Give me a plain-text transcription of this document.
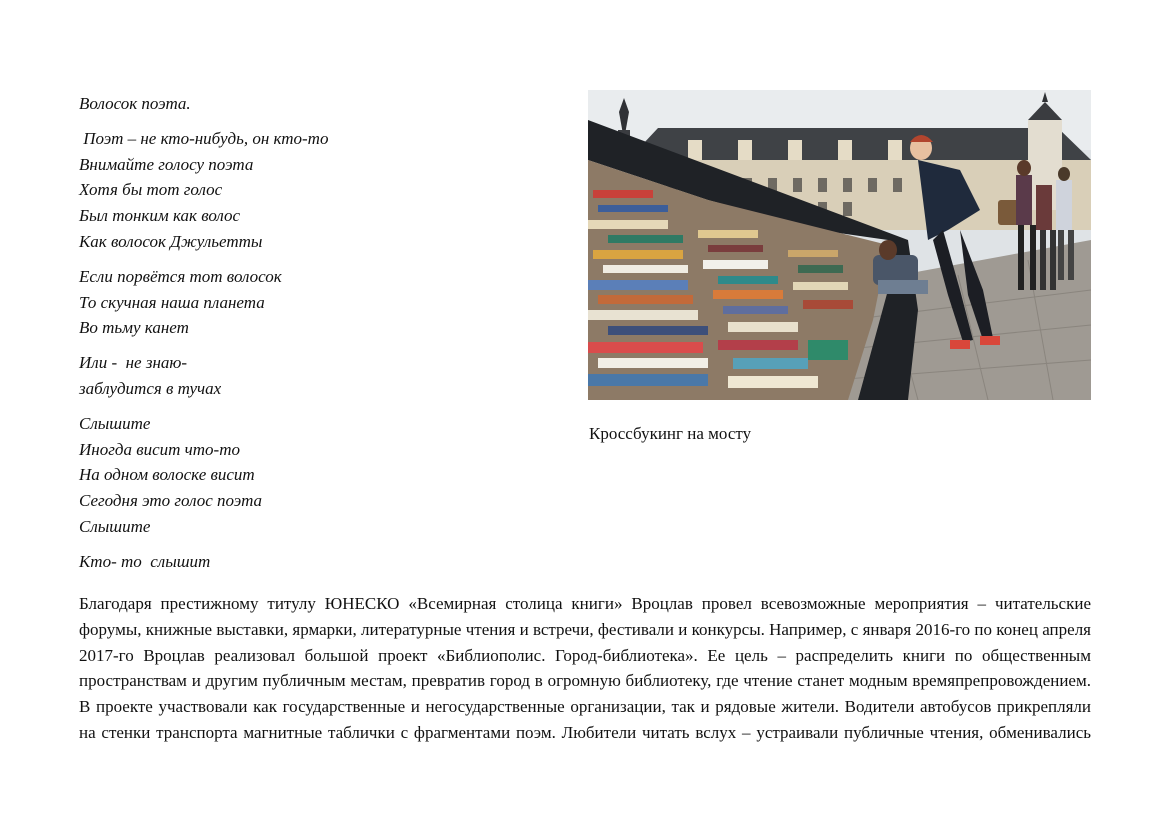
Волосок поэта.
Поэт – не кто-нибудь, он кто-то
Внимайте голосу поэта
Хотя бы тот голос
Был тонким как волос
Как волосок Джульетты
Если порвётся тот волосок
То скучная наша планета
Во тьму канет
Или -  не знаю-
заблудится в тучах
Слышите
Иногда висит что-то
На одном волоске висит
Сегодня это голос поэта
Слышите
Кто- то  слышит
Кроссбукинг на мосту

Благодаря престижному титулу ЮНЕСКО «Всемирная столица книги» Вроцлав провел всевозможные мероприятия – читательские форумы, книжные выставки, ярмарки, литературные чтения и встречи, фестивали и конкурсы. Например, с января 2016-го по конец апреля 2017-го Вроцлав реализовал большой проект «Библиополис. Город-библиотека». Ее цель – распределить книги по общественным пространствам и другим публичным местам, превратив город в огромную библиотеку, где чтение станет модным времяпрепровождением. В проекте участвовали как государственные и негосударственные организации, так и рядовые жители. Водители автобусов прикрепляли на стенки транспорта магнитные таблички с фрагментами поэм. Любители читать вслух – устраивали публичные чтения, обменивались
